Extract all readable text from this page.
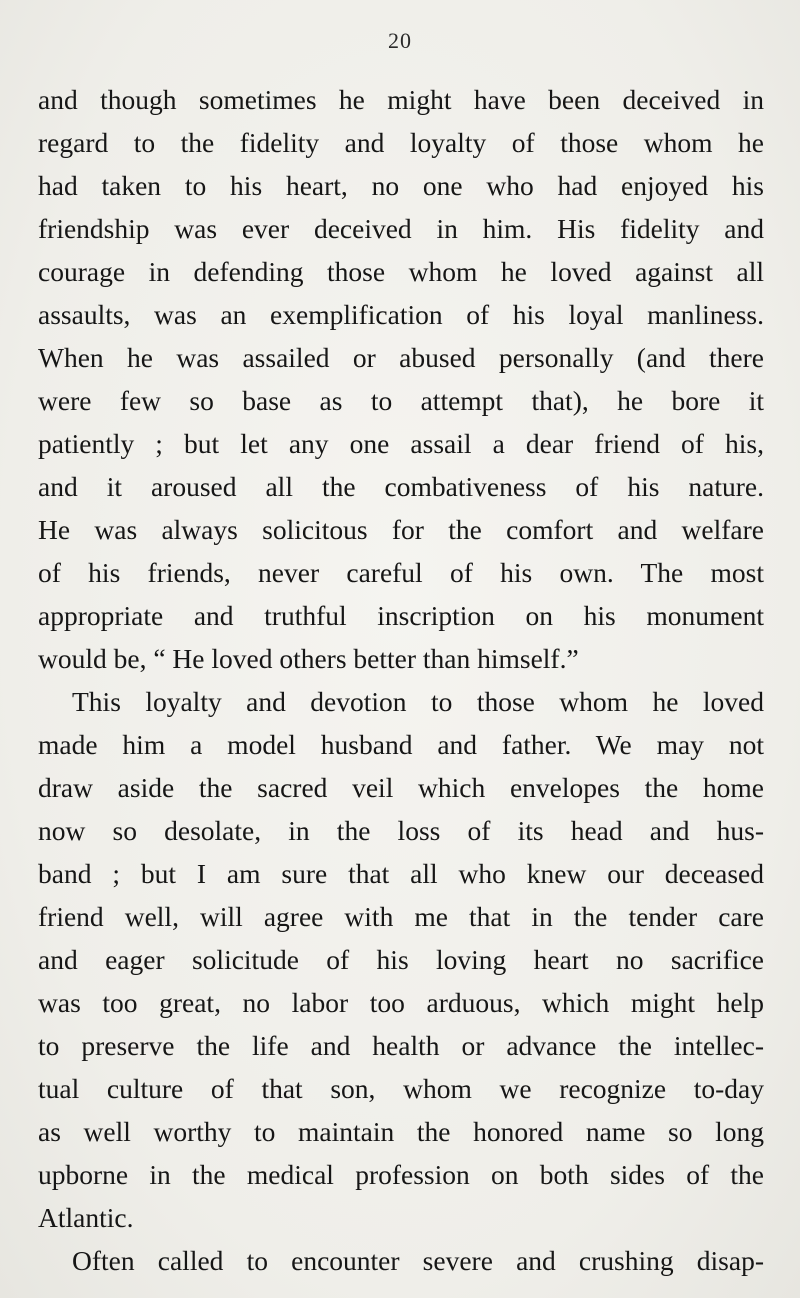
20
and though sometimes he might have been deceived in
regard to the fidelity and loyalty of those whom he
had taken to his heart, no one who had enjoyed his
friendship was ever deceived in him. His fidelity and
courage in defending those whom he loved against all
assaults, was an exemplification of his loyal manliness.
When he was assailed or abused personally (and there
were few so base as to attempt that), he bore it
patiently ; but let any one assail a dear friend of his,
and it aroused all the combativeness of his nature.
He was always solicitous for the comfort and welfare
of his friends, never careful of his own. The most
appropriate and truthful inscription on his monument
would be, “ He loved others better than himself.”
This loyalty and devotion to those whom he loved
made him a model husband and father. We may not
draw aside the sacred veil which envelopes the home
now so desolate, in the loss of its head and hus-
band ; but I am sure that all who knew our deceased
friend well, will agree with me that in the tender care
and eager solicitude of his loving heart no sacrifice
was too great, no labor too arduous, which might help
to preserve the life and health or advance the intellec-
tual culture of that son, whom we recognize to-day
as well worthy to maintain the honored name so long
upborne in the medical profession on both sides of the
Atlantic.
Often called to encounter severe and crushing disap-
